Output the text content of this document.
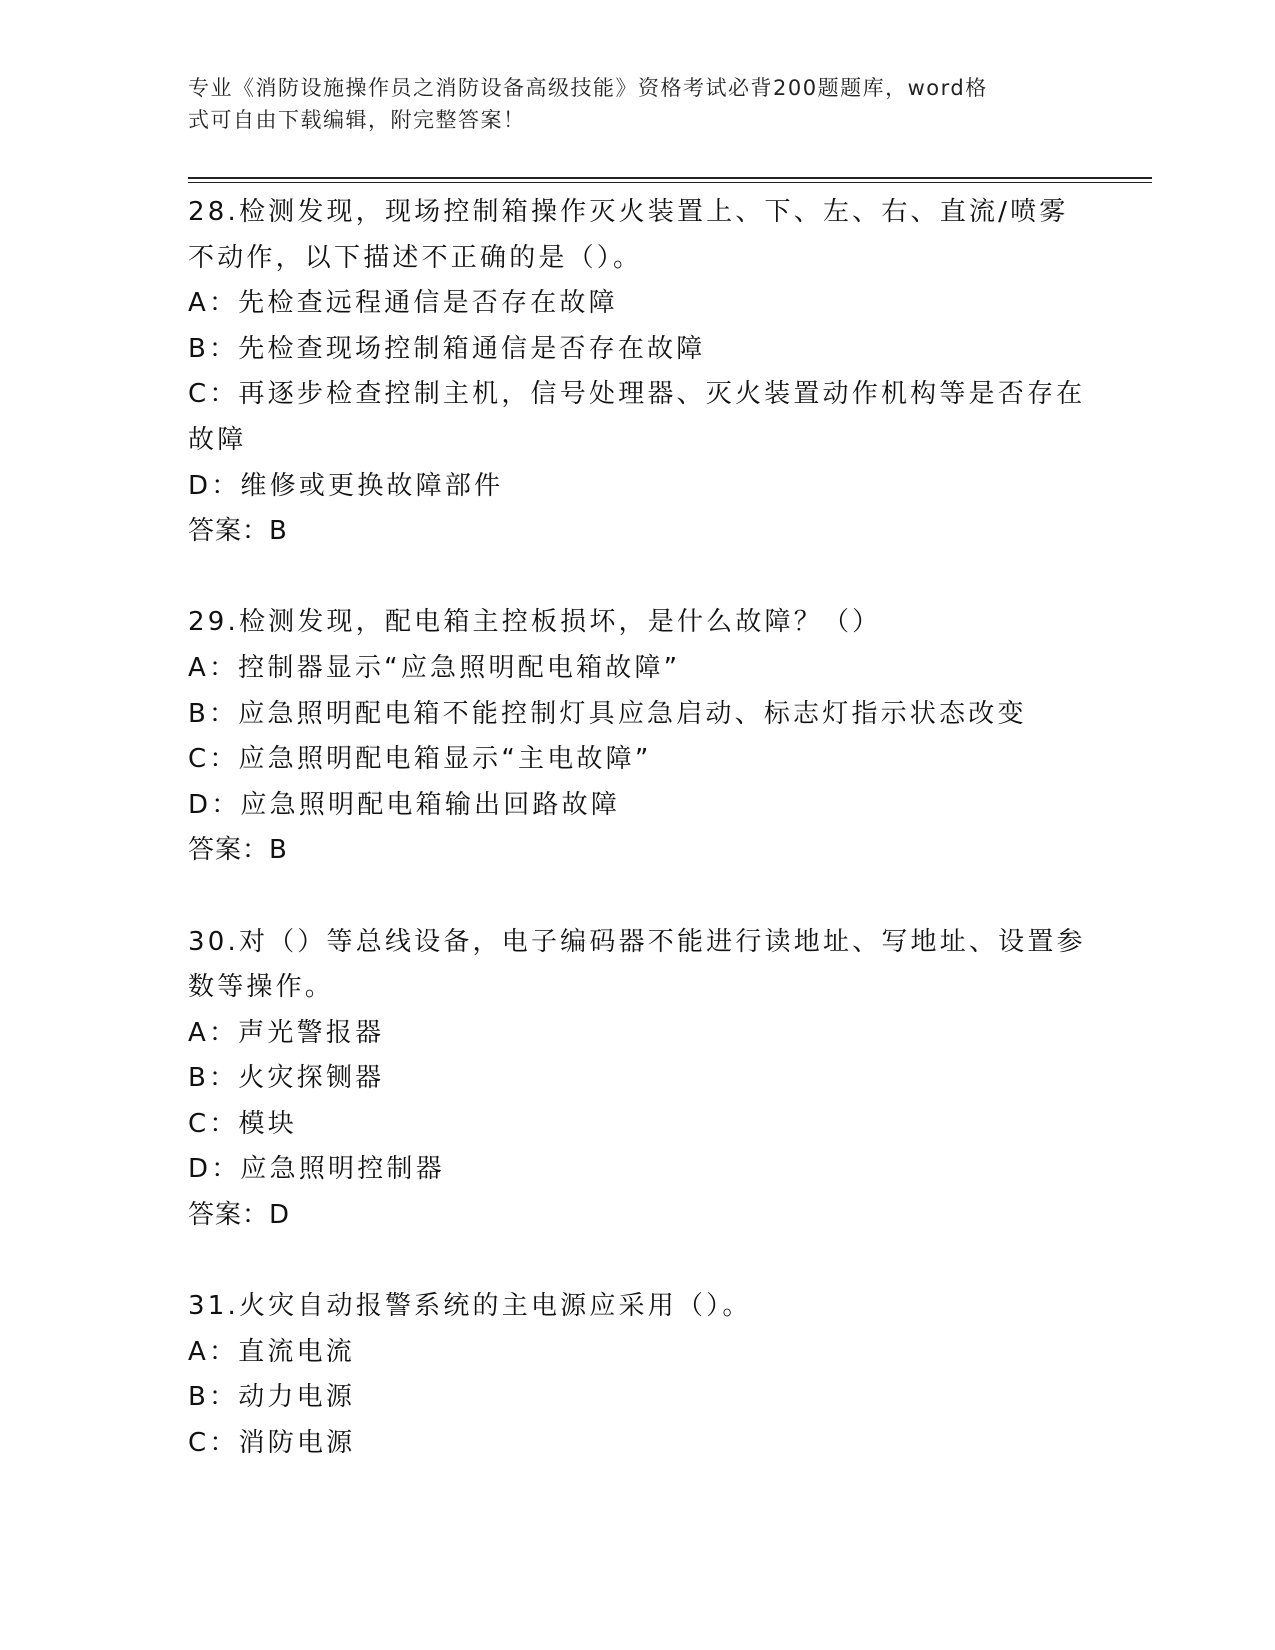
专业《消防设施操作员之消防设备高级技能》资格考试必背200题题库，word格
式可自由下载编辑，附完整答案！
28.检测发现，现场控制箱操作灭火装置上、下、左、右、直流/喷雾
不动作，以下描述不正确的是（）。
A：先检查远程通信是否存在故障
B：先检查现场控制箱通信是否存在故障
C：再逐步检查控制主机，信号处理器、灭火装置动作机构等是否存在
故障
D：维修或更换故障部件
答案：B
29.检测发现，配电箱主控板损坏，是什么故障？（）
A：控制器显示“应急照明配电箱故障”
B：应急照明配电箱不能控制灯具应急启动、标志灯指示状态改变
C：应急照明配电箱显示“主电故障”
D：应急照明配电箱输出回路故障
答案：B
30.对（）等总线设备，电子编码器不能进行读地址、写地址、设置参
数等操作。
A：声光警报器
B：火灾探铡器
C：模块
D：应急照明控制器
答案：D
31.火灾自动报警系统的主电源应采用（）。
A：直流电流
B：动力电源
C：消防电源
